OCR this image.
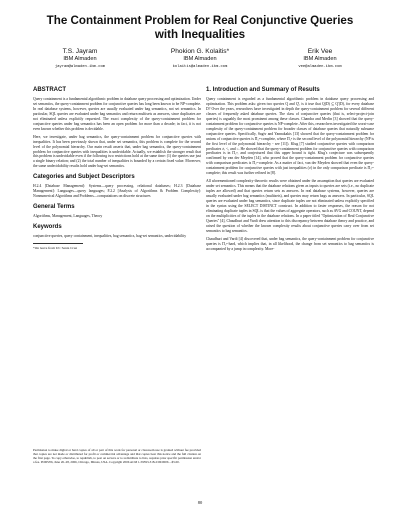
The Containment Problem for Real Conjunctive Queries
with Inequalities
T.S. Jayram
IBM Almaden
jayram@almaden.ibm.com
Phokion G. Kolaitis*
IBM Almaden
kolaitis@almaden.ibm.com
Erik Vee
IBM Almaden
vee@almaden.ibm.com
ABSTRACT

Query containment is a fundamental algorithmic problem in database query processing and optimization. Under set semantics, the query-containment problem for conjunctive queries has long been known to be NP-complete. In real database systems, however, queries are usually evaluated under bag semantics, not set semantics. In particular, SQL queries are evaluated under bag semantics and return multisets as answers, since duplicates are not eliminated unless explicitly requested. The exact complexity of the query-containment problem for conjunctive queries under bag semantics has been an open problem for more than a decade; in fact, it is not even known whether this problem is decidable.

Here, we investigate, under bag semantics, the query-containment problem for conjunctive queries with inequalities. It has been previously shown that, under set semantics, this problem is complete for the second level of the polynomial hierarchy. Our main result asserts that, under bag semantics, the query-containment problem for conjunctive queries with inequalities is undecidable. Actually, we establish the stronger result that this problem is undecidable even if the following two restrictions hold at the same time: (1) the queries use just a single binary relation; and (2) the total number of inequalities is bounded by a certain fixed value. Moreover, the same undecidability results hold under bag-set semantics.

Categories and Subject Descriptors

H.2.4 [Database Management]: Systems—query processing, relational databases; H.2.3 [Database Management]: Languages—query languages; F.2.2 [Analysis of Algorithms & Problem Complexity]: Nonnumerical Algorithms and Problems—computations on discrete structures

General Terms

Algorithms, Management, Languages, Theory

Keywords

conjunctive queries, query containment, inequalities, bag semantics, bag-set semantics, undecidability

*On leave from UC Santa Cruz
Permission to make digital or hard copies of all or part of this work for personal or classroom use is granted without fee provided that copies are not made or distributed for profit or commercial advantage and that copies bear this notice and the full citation on the first page. To copy otherwise, to republish, to post on servers or to redistribute to lists, requires prior specific permission and/or a fee. PODS'06, June 26–28, 2006, Chicago, Illinois, USA. Copyright 2006 ACM 1-59593-318-2/06/0006 ...$5.00.
1. Introduction and Summary of Results

Query containment is regarded as a fundamental algorithmic problem in database query processing and optimization. This problem asks: given two queries Q and Q', is it true that Q(D) ⊆ Q'(D), for every database D? Over the years, researchers have investigated in depth the query-containment problem for several different classes of frequently asked database queries. The class of conjunctive queries (that is, select-project-join queries) is arguably the most prominent among these classes. Chandra and Merlin [3] showed that the query-containment problem for conjunctive queries is NP-complete. After this, researchers investigated the worst-case complexity of the query-containment problem for broader classes of database queries that naturally subsume conjunctive queries. Specifically, Sagiv and Yannakakis [13] showed that the query-containment problem for unions of conjunctive queries is Π₂ᵖ-complete, where Π₂ᵖ is the second level of the polynomial hierarchy (NP is the first level of the polynomial hierarchy - see [11]). Klug [7] studied conjunctive queries with comparison predicates ≠, <, and ≤. He showed that the query-containment problem for conjunctive queries with comparison predicates is in Π₂ᵖ, and conjectured that this upper bound is tight. Klug's conjecture was subsequently confirmed by van der Meyden [14], who proved that the query-containment problem for conjunctive queries with comparison predicates is Π₂ᵖ-complete. As a matter of fact, van der Meyden showed that even the query-containment problem for conjunctive queries with just inequalities (≠) in the only comparison predicate is Π₂ᵖ-complete; this result was further refined in [8].

All aforementioned complexity-theoretic results were obtained under the assumption that queries are evaluated under set semantics. This means that the database relations given as inputs to queries are sets (i.e., no duplicate tuples are allowed) and that queries return sets as answers. In real database systems, however, queries are usually evaluated under bag semantics (multisets), and queries may return bags as answers. In particular, SQL queries are evaluated under bag semantics, since duplicate tuples are not eliminated unless explicitly specified in the syntax using the SELECT DISTINCT construct. In addition to faster responses, the reason for not eliminating duplicate tuples in SQL is that the values of aggregate operators, such as AVG and COUNT, depend on the multiplicities of the tuples in the database relations. In a paper titled "Optimization of Real Conjunctive Queries" [4], Chaudhuri and Vardi drew attention to this discrepancy between database theory and practice, and raised the question of whether the known complexity results about conjunctive queries carry over from set semantics to bag semantics.

Chaudhuri and Vardi [4] discovered that, under bag semantics, the query-containment problem for conjunctive queries is Π₂ᵖ-hard, which implies that, in all likelihood, the change from set semantics to bag semantics is accompanied by a jump in complexity. More-

80
